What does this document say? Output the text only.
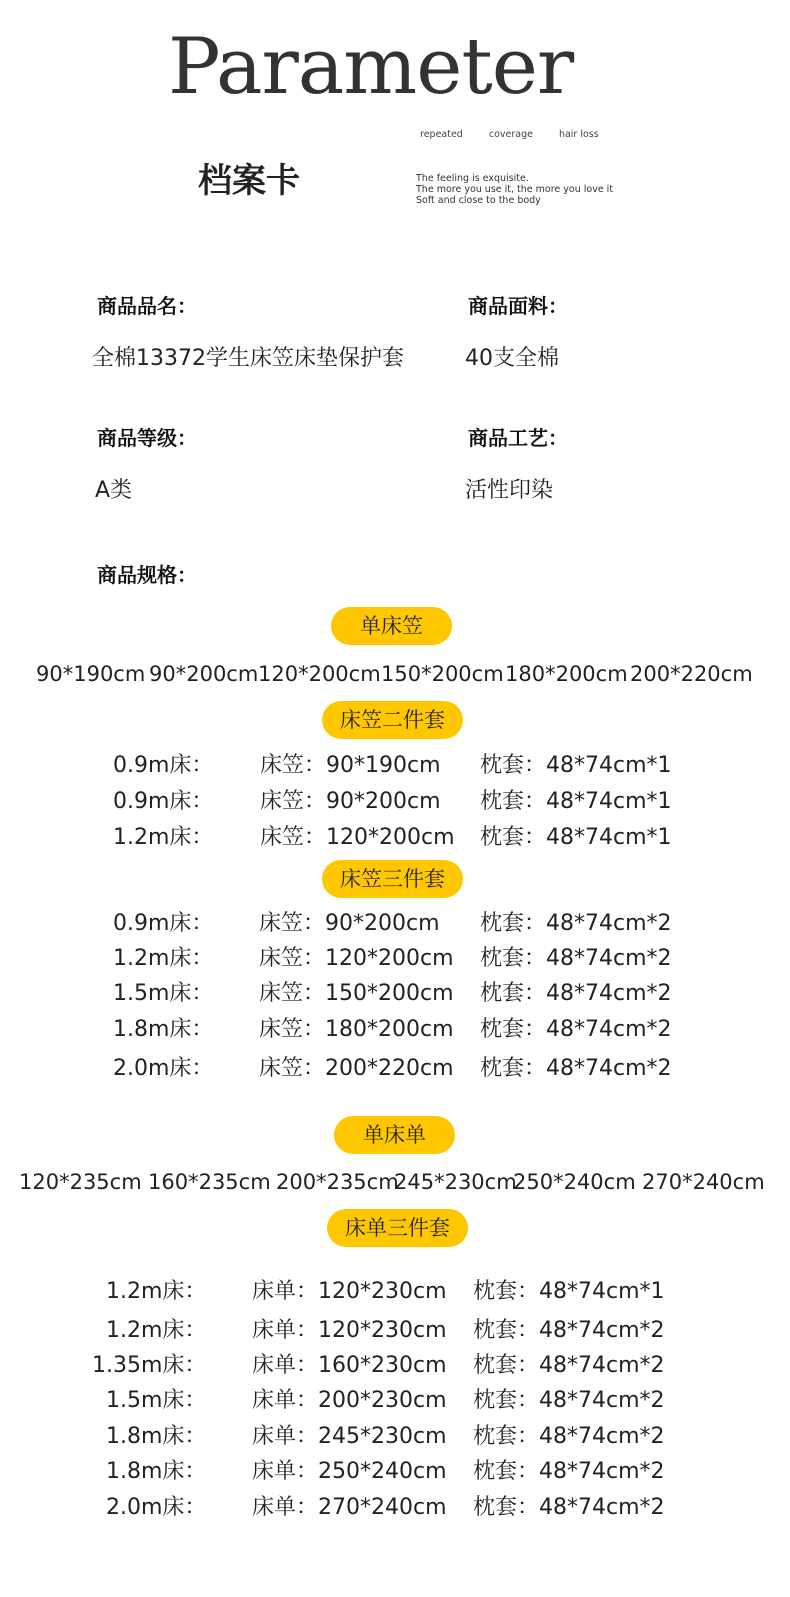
Parameter
repeated	coverage	hair loss
档案卡	The feeling is exquisite.
The more you use it, the more you love it
Soft and close to the body
商品品名：
全棉13372学生床笠床垫保护套
商品面料：
40支全棉
商品等级：
A类
商品工艺：
活性印染
商品规格：
单床笠
90*190cm 90*200cm 120*200cm 150*200cm 180*200cm 200*220cm
床笠二件套
0.9m床： 床笠：90*190cm 枕套：48*74cm*1
0.9m床： 床笠：90*200cm 枕套：48*74cm*1
1.2m床： 床笠：120*200cm 枕套：48*74cm*1
床笠三件套
0.9m床： 床笠：90*200cm 枕套：48*74cm*2
1.2m床： 床笠：120*200cm 枕套：48*74cm*2
1.5m床： 床笠：150*200cm 枕套：48*74cm*2
1.8m床： 床笠：180*200cm 枕套：48*74cm*2
2.0m床： 床笠：200*220cm 枕套：48*74cm*2
单床单
120*235cm 160*235cm 200*235cm
245*230cm
250*240cm 270*240cm
床单三件套
1.2m床： 床单：120*230cm 枕套：48*74cm*1
1.2m床： 床单：120*230cm 枕套：48*74cm*2
1.35m床： 床单：160*230cm 枕套：48*74cm*2
1.5m床： 床单：200*230cm 枕套：48*74cm*2
1.8m床： 床单：245*230cm 枕套：48*74cm*2
1.8m床： 床单：250*240cm 枕套：48*74cm*2
2.0m床： 床单：270*240cm 枕套：48*74cm*2
